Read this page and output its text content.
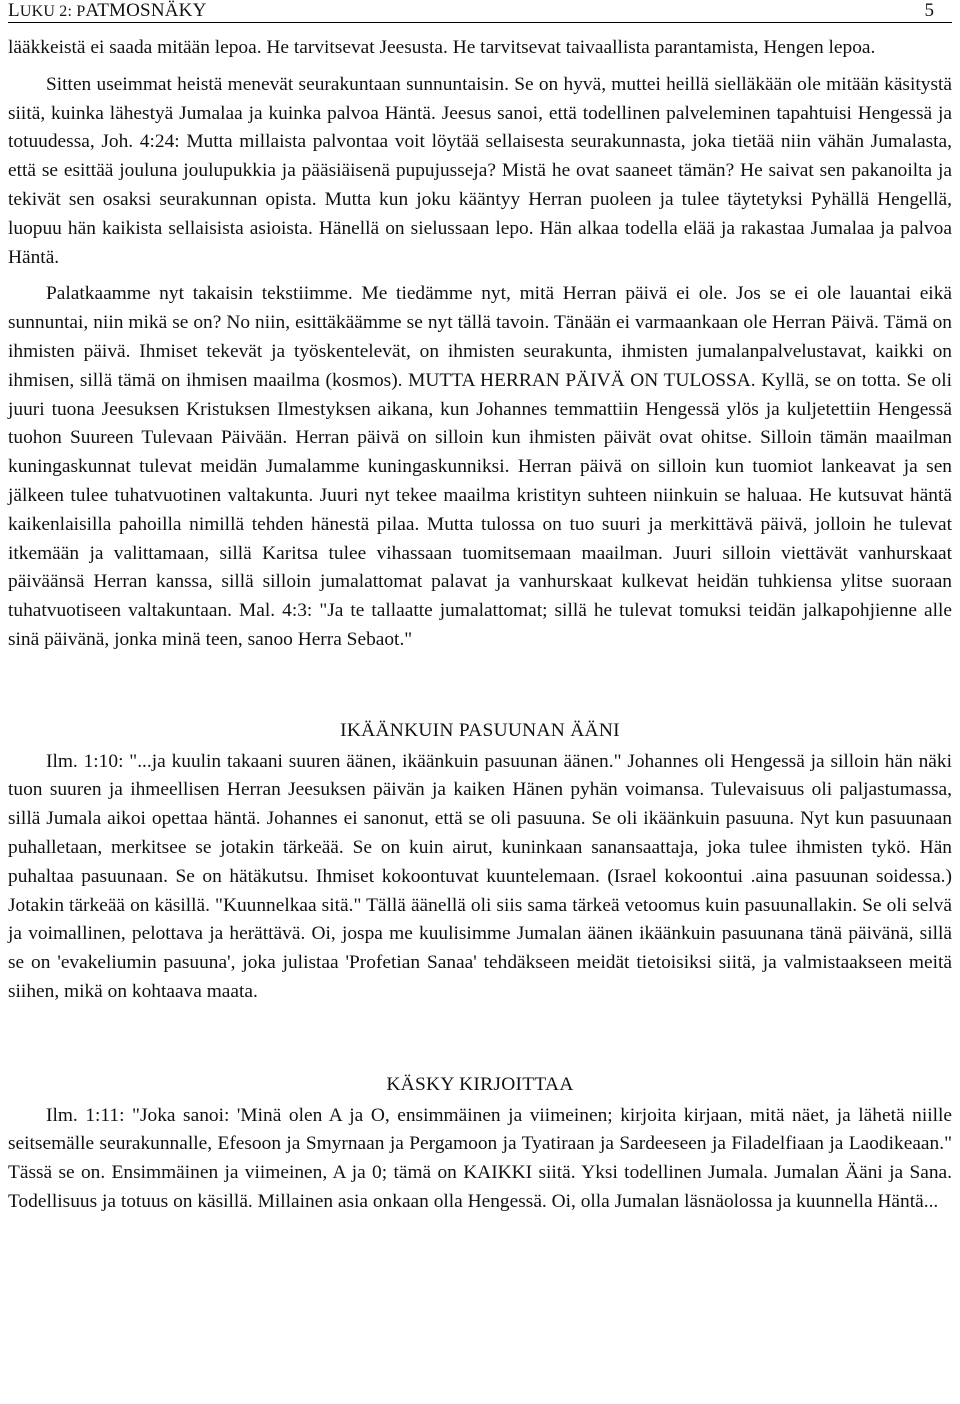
LUKU 2: PATMOSNÄKY	5

lääkkeistä ei saada mitään lepoa. He tarvitsevat Jeesusta. He tarvitsevat taivaallista parantamista, Hengen lepoa.

Sitten useimmat heistä menevät seurakuntaan sunnuntaisin. Se on hyvä, muttei heillä sielläkään ole mitään käsitystä siitä, kuinka lähestyä Jumalaa ja kuinka palvoa Häntä. Jeesus sanoi, että todellinen palveleminen tapahtuisi Hengessä ja totuudessa, Joh. 4:24: Mutta millaista palvontaa voit löytää sellaisesta seurakunnasta, joka tietää niin vähän Jumalasta, että se esittää jouluna joulupukkia ja pääsiäisenä pupujusseja? Mistä he ovat saaneet tämän? He saivat sen pakanoilta ja tekivät sen osaksi seurakunnan opista. Mutta kun joku kääntyy Herran puoleen ja tulee täytetyksi Pyhällä Hengellä, luopuu hän kaikista sellaisista asioista. Hänellä on sielussaan lepo. Hän alkaa todella elää ja rakastaa Jumalaa ja palvoa Häntä.

Palatkaamme nyt takaisin tekstiimme. Me tiedämme nyt, mitä Herran päivä ei ole. Jos se ei ole lauantai eikä sunnuntai, niin mikä se on? No niin, esittäkäämme se nyt tällä tavoin. Tänään ei varmaankaan ole Herran Päivä. Tämä on ihmisten päivä. Ihmiset tekevät ja työskentelevät, on ihmisten seurakunta, ihmisten jumalanpalvelustavat, kaikki on ihmisen, sillä tämä on ihmisen maailma (kosmos). MUTTA HERRAN PÄIVÄ ON TULOSSA. Kyllä, se on totta. Se oli juuri tuona Jeesuksen Kristuksen Ilmestyksen aikana, kun Johannes temmattiin Hengessä ylös ja kuljetettiin Hengessä tuohon Suureen Tulevaan Päivään. Herran päivä on silloin kun ihmisten päivät ovat ohitse. Silloin tämän maailman kuningaskunnat tulevat meidän Jumalamme kuningaskunniksi. Herran päivä on silloin kun tuomiot lankeavat ja sen jälkeen tulee tuhatvuotinen valtakunta. Juuri nyt tekee maailma kristityn suhteen niinkuin se haluaa. He kutsuvat häntä kaikenlaisilla pahoilla nimillä tehden hänestä pilaa. Mutta tulossa on tuo suuri ja merkittävä päivä, jolloin he tulevat itkemään ja valittamaan, sillä Karitsa tulee vihassaan tuomitsemaan maailman. Juuri silloin viettävät vanhurskaat päiväänsä Herran kanssa, sillä silloin jumalattomat palavat ja vanhurskaat kulkevat heidän tuhkiensa ylitse suoraan tuhatvuotiseen valtakuntaan. Mal. 4:3: "Ja te tallaatte jumalattomat; sillä he tulevat tomuksi teidän jalkapohjienne alle sinä päivänä, jonka minä teen, sanoo Herra Sebaot."

IKÄÄNKUIN PASUUNAN ÄÄNI

Ilm. 1:10: "...ja kuulin takaani suuren äänen, ikäänkuin pasuunan äänen." Johannes oli Hengessä ja silloin hän näki tuon suuren ja ihmeellisen Herran Jeesuksen päivän ja kaiken Hänen pyhän voimansa. Tulevaisuus oli paljastumassa, sillä Jumala aikoi opettaa häntä. Johannes ei sanonut, että se oli pasuuna. Se oli ikäänkuin pasuuna. Nyt kun pasuunaan puhalletaan, merkitsee se jotakin tärkeää. Se on kuin airut, kuninkaan sanansaattaja, joka tulee ihmisten tykö. Hän puhaltaa pasuunaan. Se on hätäkutsu. Ihmiset kokoontuvat kuuntelemaan. (Israel kokoontui .aina pasuunan soidessa.) Jotakin tärkeää on käsillä. "Kuunnelkaa sitä." Tällä äänellä oli siis sama tärkeä vetoomus kuin pasuunallakin. Se oli selvä ja voimallinen, pelottava ja herättävä. Oi, jospa me kuulisimme Jumalan äänen ikäänkuin pasuunana tänä päivänä, sillä se on 'evakeliumin pasuuna', joka julistaa 'Profetian Sanaa' tehdäkseen meidät tietoisiksi siitä, ja valmistaakseen meitä siihen, mikä on kohtaava maata.

KÄSKY KIRJOITTAA

Ilm. 1:11: "Joka sanoi: 'Minä olen A ja O, ensimmäinen ja viimeinen; kirjoita kirjaan, mitä näet, ja lähetä niille seitsemälle seurakunnalle, Efesoon ja Smyrnaan ja Pergamoon ja Tyatiraan ja Sardeeseen ja Filadelfiaan ja Laodikeaan." Tässä se on. Ensimmäinen ja viimeinen, A ja 0; tämä on KAIKKI siitä. Yksi todellinen Jumala. Jumalan Ääni ja Sana. Todellisuus ja totuus on käsillä. Millainen asia onkaan olla Hengessä. Oi, olla Jumalan läsnäolossa ja kuunnella Häntä...
